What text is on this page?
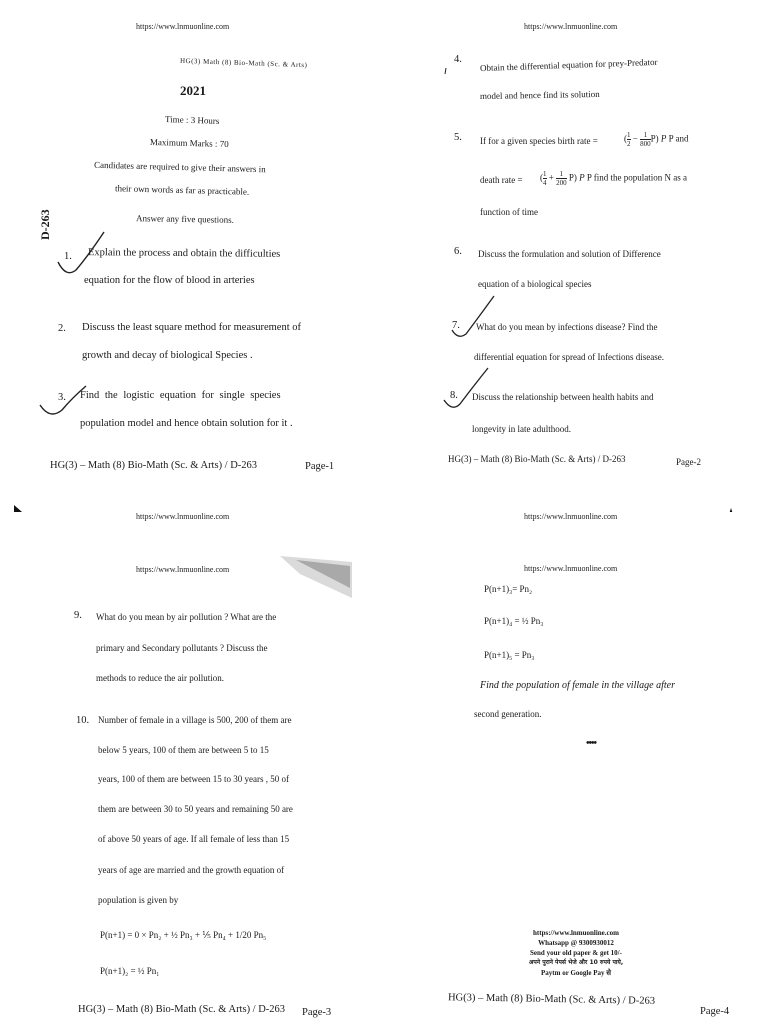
https://www.lnmuonline.com
HG(3) Math (8) Bio-Math (Sc. & Arts)
2021
Time : 3 Hours
Maximum Marks : 70
Candidates are required to give their answers in
their own words as far as practicable.
Answer any five questions.
D-263
1. Explain the process and obtain the difficulties
equation for the flow of blood in arteries
2. Discuss the least square method for measurement of
growth and decay of biological Species .
3. Find the logistic equation for single species
population model and hence obtain solution for it .
HG(3) – Math (8) Bio-Math (Sc. & Arts) / D-263	Page-1
https://www.lnmuonline.com
4. Obtain the differential equation for prey-Predator
model and hence find its solution
5. If for a given species birth rate =	( $\frac{1}{2} - \frac{1}{800} P$) P P and
death rate = ( $\frac{1}{4} + \frac{1}{200} P$) P P find the population N as a
function of time
6. Discuss the formulation and solution of Difference
equation of a biological species
7. What do you mean by infections disease? Find the
differential equation for spread of Infections disease.
8. Discuss the relationship between health habits and
longevity in late adulthood.
HG(3) – Math (8) Bio-Math (Sc. & Arts) / D-263	Page-2
https://www.lnmuonline.com
https://www.lnmuonline.com
9. What do you mean by air pollution ? What are the
primary and Secondary pollutants ? Discuss the
methods to reduce the air pollution.
10. Number of female in a village is 500, 200 of them are
below 5 years, 100 of them are between 5 to 15
years, 100 of them are between 15 to 30 years , 50 of
them are between 30 to 50 years and remaining 50 are
of above 50 years of age. If all female of less than 15
years of age are married and the growth equation of
population is given by
P(n+1) = 0 × Pn₂ + ½ Pn₃ + ⅕ Pn₄ + 1/20 Pn₅
P(n+1)₂ = ½ Pn₁
HG(3) – Math (8) Bio-Math (Sc. & Arts) / D-263 Page-3
https://www.lnmuonline.com
https://www.lnmuonline.com
P(n+1)₃= Pn₂
P(n+1)₄ = ½ Pn₃
P(n+1)₅ = Pn₃
Find the population of female in the village after
second generation.
••••
https://www.lnmuonline.com
Whatsapp @ 9300930012
Send your old paper & get 10/-
अपने पुराने पेपर्स भेजे और 10 रुपये पाये,
Paytm or Google Pay से
HG(3) – Math (8) Bio-Math (Sc. & Arts) / D-263
Page-4
